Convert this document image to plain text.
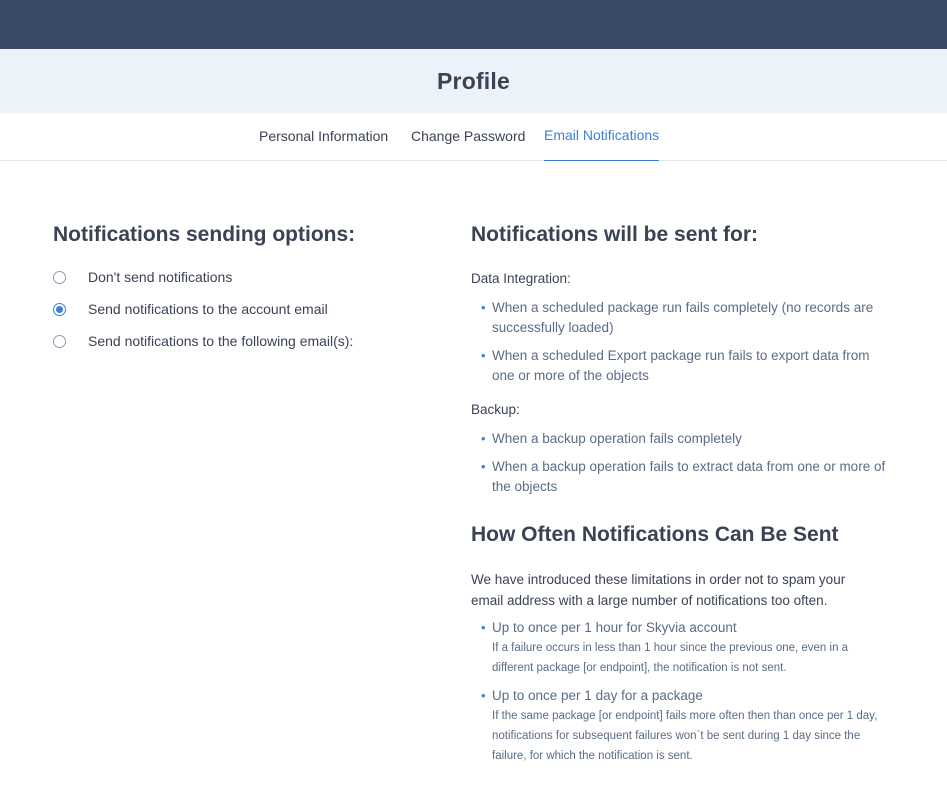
Profile
Personal Information Change Password Email Notifications
Notifications sending options:
Don't send notifications
Send notifications to the account email
Send notifications to the following email(s):
Notifications will be sent for:
Data Integration:
• When a scheduled package run fails completely (no records are successfully loaded)
• When a scheduled Export package run fails to export data from one or more of the objects
Backup:
• When a backup operation fails completely
• When a backup operation fails to extract data from one or more of the objects
How Often Notifications Can Be Sent
We have introduced these limitations in order not to spam your email address with a large number of notifications too often.
• Up to once per 1 hour for Skyvia account
If a failure occurs in less than 1 hour since the previous one, even in a different package [or endpoint], the notification is not sent.
• Up to once per 1 day for a package
If the same package [or endpoint] fails more often then than once per 1 day, notifications for subsequent failures won`t be sent during 1 day since the failure, for which the notification is sent.
